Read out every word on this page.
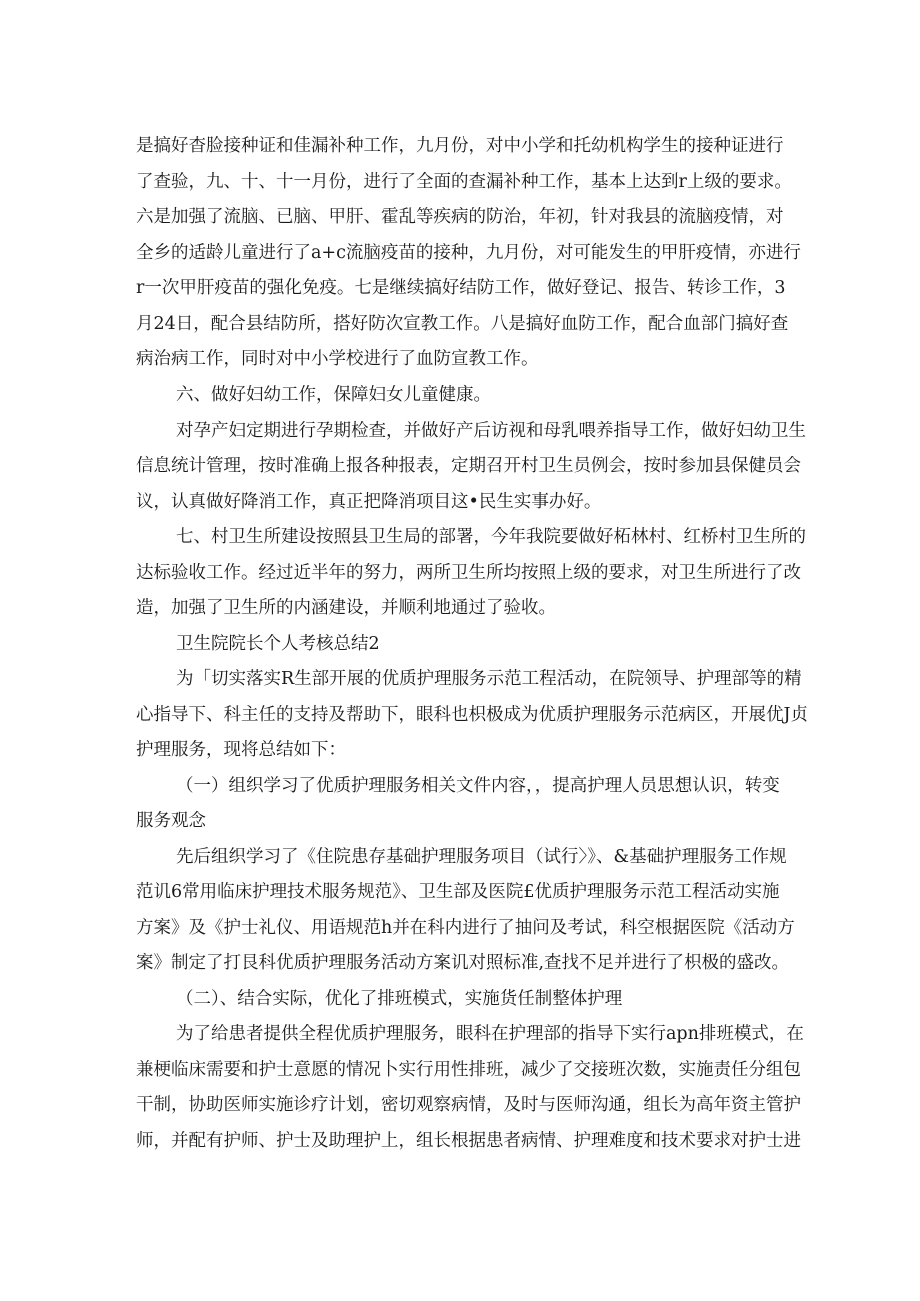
是搞好杳脸接种证和佳漏补种工作，九月份，对中小学和托幼机构学生的接种证进行
了查验，九、十、十一月份，进行了全面的查漏补种工作，基本上达到r上级的要求。
六是加强了流脑、已脑、甲肝、霍乱等疾病的防治，年初，针对我县的流脑疫情，对
全乡的适龄儿童进行了a+c流脑疫苗的接种，九月份，对可能发生的甲肝疫情，亦进行
r一次甲肝疫苗的强化免疫。七是继续搞好结防工作，做好登记、报告、转诊工作，3
月24日，配合县结防所，搭好防次宣教工作。八是搞好血防工作，配合血部门搞好查
病治病工作，同时对中小学校进行了血防宣教工作。
六、做好妇幼工作，保障妇女儿童健康。
对孕产妇定期进行孕期检查，并做好产后访视和母乳喂养指导工作，做好妇幼卫生
信息统计管理，按时准确上报各种报表，定期召开村卫生员例会，按时参加县保健员会
议，认真做好降消工作，真正把降消项目这•民生实事办好。
七、村卫生所建设按照县卫生局的部署，今年我院要做好柘林村、红桥村卫生所的
达标验收工作。经过近半年的努力，两所卫生所均按照上级的要求，对卫生所进行了改
造，加强了卫生所的内涵建设，并顺利地通过了验收。
卫生院院长个人考核总结2
为「切实落实R生部开展的优质护理服务示范工程活动，在院领导、护理部等的精
心指导下、科主任的支持及帮助下，眼科也枳极成为优质护理服务示范病区，开展优J贞
护理服务，现将总结如下：
（一）组织学习了优质护理服务相关文件内容，，提高护理人员思想认识，转变
服务观念
先后组织学习了《住院患存基础护理服务项目（试行〉》、&基础护理服务工作规
范讥6常用临床护理技术服务规范》、卫生部及医院£优质护理服务示范工程活动实施
方案》及《护士礼仪、用语规范h并在科内进行了抽问及考试，科空根据医院《活动方
案》制定了打艮科优质护理服务活动方案讥对照标准,查找不足并进行了枳极的盛改。
（二）、结合实际，优化了排班模式，实施货任制整体护理
为了给患者提供全程优质护理服务，眼科在护理部的指导下实行apn排班模式，在
兼梗临床需要和护士意愿的情况卜实行用性排班，减少了交接班次数，实施责任分组包
干制，协助医师实施诊疗计划，密切观察病情，及时与医师沟通，组长为高年资主管护
师，并配有护师、护士及助理护上，组长根据患者病情、护理难度和技术要求对护士进
